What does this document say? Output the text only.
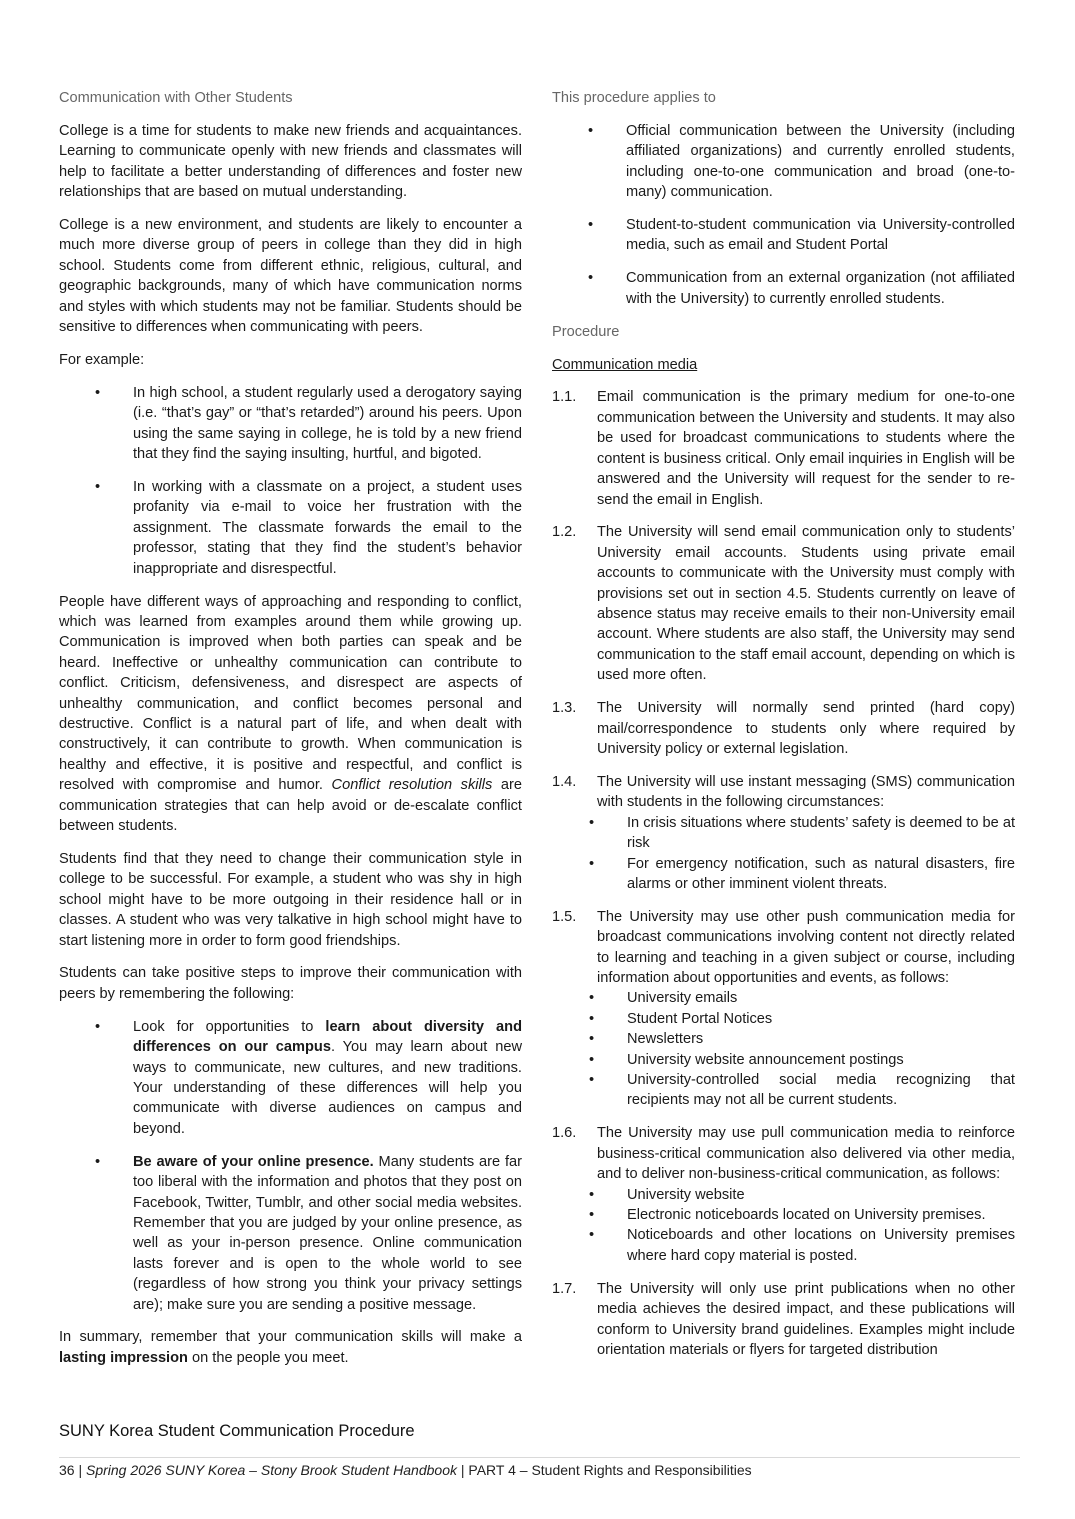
Communication with Other Students

College is a time for students to make new friends and acquaintances. Learning to communicate openly with new friends and classmates will help to facilitate a better understanding of differences and foster new relationships that are based on mutual understanding.

College is a new environment, and students are likely to encounter a much more diverse group of peers in college than they did in high school. Students come from different ethnic, religious, cultural, and geographic backgrounds, many of which have communication norms and styles with which students may not be familiar. Students should be sensitive to differences when communicating with peers.

For example:

• In high school, a student regularly used a derogatory saying (i.e. “that’s gay” or “that’s retarded”) around his peers. Upon using the same saying in college, he is told by a new friend that they find the saying insulting, hurtful, and bigoted.
• In working with a classmate on a project, a student uses profanity via e-mail to voice her frustration with the assignment. The classmate forwards the email to the professor, stating that they find the student’s behavior inappropriate and disrespectful.

People have different ways of approaching and responding to conflict, which was learned from examples around them while growing up. Communication is improved when both parties can speak and be heard. Ineffective or unhealthy communication can contribute to conflict. Criticism, defensiveness, and disrespect are aspects of unhealthy communication, and conflict becomes personal and destructive. Conflict is a natural part of life, and when dealt with constructively, it can contribute to growth. When communication is healthy and effective, it is positive and respectful, and conflict is resolved with compromise and humor. Conflict resolution skills are communication strategies that can help avoid or de-escalate conflict between students.

Students find that they need to change their communication style in college to be successful. For example, a student who was shy in high school might have to be more outgoing in their residence hall or in classes. A student who was very talkative in high school might have to start listening more in order to form good friendships.

Students can take positive steps to improve their communication with peers by remembering the following:

• Look for opportunities to learn about diversity and differences on our campus. You may learn about new ways to communicate, new cultures, and new traditions. Your understanding of these differences will help you communicate with diverse audiences on campus and beyond.
• Be aware of your online presence. Many students are far too liberal with the information and photos that they post on Facebook, Twitter, Tumblr, and other social media websites. Remember that you are judged by your online presence, as well as your in-person presence. Online communication lasts forever and is open to the whole world to see (regardless of how strong you think your privacy settings are); make sure you are sending a positive message.

In summary, remember that your communication skills will make a lasting impression on the people you meet.

SUNY Korea Student Communication Procedure

This procedure applies to

• Official communication between the University (including affiliated organizations) and currently enrolled students, including one-to-one communication and broad (one-to-many) communication.
• Student-to-student communication via University-controlled media, such as email and Student Portal
• Communication from an external organization (not affiliated with the University) to currently enrolled students.

Procedure

Communication media

1.1. Email communication is the primary medium for one-to-one communication between the University and students. It may also be used for broadcast communications to students where the content is business critical. Only email inquiries in English will be answered and the University will request for the sender to re-send the email in English.
1.2. The University will send email communication only to students’ University email accounts. Students using private email accounts to communicate with the University must comply with provisions set out in section 4.5. Students currently on leave of absence status may receive emails to their non-University email account. Where students are also staff, the University may send communication to the staff email account, depending on which is used more often.
1.3. The University will normally send printed (hard copy) mail/correspondence to students only where required by University policy or external legislation.
1.4. The University will use instant messaging (SMS) communication with students in the following circumstances:
• In crisis situations where students’ safety is deemed to be at risk
• For emergency notification, such as natural disasters, fire alarms or other imminent violent threats.
1.5. The University may use other push communication media for broadcast communications involving content not directly related to learning and teaching in a given subject or course, including information about opportunities and events, as follows:
• University emails
• Student Portal Notices
• Newsletters
• University website announcement postings
• University-controlled social media recognizing that recipients may not all be current students.
1.6. The University may use pull communication media to reinforce business-critical communication also delivered via other media, and to deliver non-business-critical communication, as follows:
• University website
• Electronic noticeboards located on University premises.
• Noticeboards and other locations on University premises where hard copy material is posted.
1.7. The University will only use print publications when no other media achieves the desired impact, and these publications will conform to University brand guidelines. Examples might include orientation materials or flyers for targeted distribution
36 | Spring 2026 SUNY Korea – Stony Brook Student Handbook | PART 4 – Student Rights and Responsibilities
